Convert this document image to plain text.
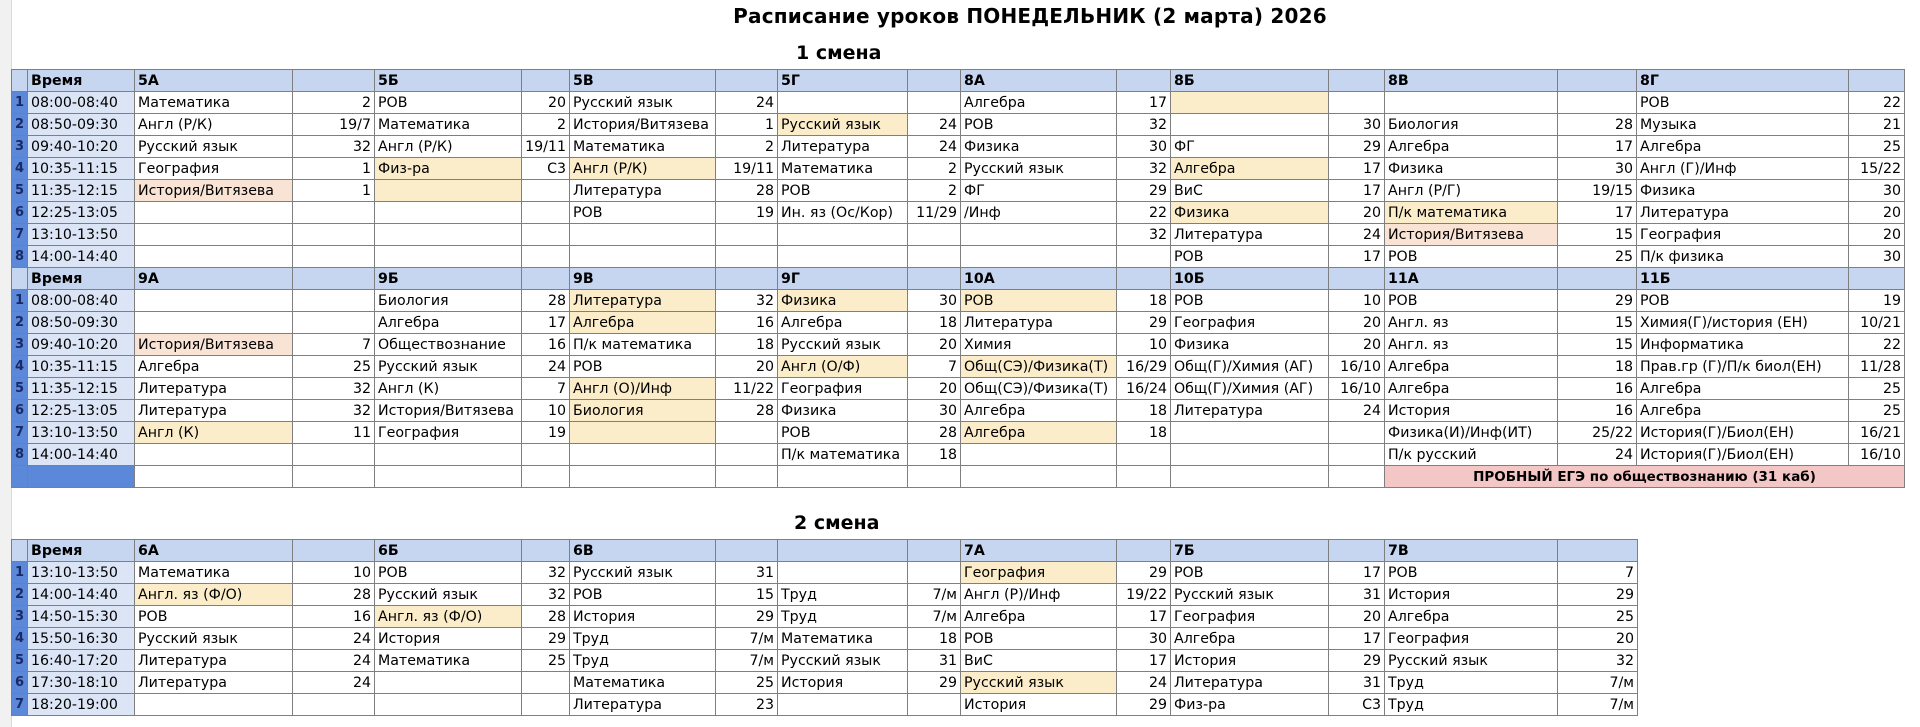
Расписание уроков ПОНЕДЕЛЬНИК (2 марта) 2026
1 смена
2 смена
	Время	5А		5Б		5В		5Г		8А		8Б		8В		8Г	
1	08:00-08:40	Математика	2	РОВ	20	Русский язык	24			Алгебра	17					РОВ	22
2	08:50-09:30	Англ (Р/К)	19/7	Математика	2	История/Витязева	1	Русский язык	24	РОВ	32		30	Биология	28	Музыка	21
3	09:40-10:20	Русский язык	32	Англ (Р/К)	19/11	Математика	2	Литература	24	Физика	30	ФГ	29	Алгебра	17	Алгебра	25
4	10:35-11:15	География	1	Физ-ра	С3	Англ (Р/К)	19/11	Математика	2	Русский язык	32	Алгебра	17	Физика	30	Англ (Г)/Инф	15/22
5	11:35-12:15	История/Витязева	1			Литература	28	РОВ	2	ФГ	29	ВиС	17	Англ (Р/Г)	19/15	Физика	30
6	12:25-13:05					РОВ	19	Ин. яз (Ос/Кор)	11/29	/Инф	22	Физика	20	П/к математика	17	Литература	20
7	13:10-13:50										32	Литература	24	История/Витязева	15	География	20
8	14:00-14:40											РОВ	17	РОВ	25	П/к физика	30
	Время	9А		9Б		9В		9Г		10А		10Б		11А		11Б	
1	08:00-08:40			Биология	28	Литература	32	Физика	30	РОВ	18	РОВ	10	РОВ	29	РОВ	19
2	08:50-09:30			Алгебра	17	Алгебра	16	Алгебра	18	Литература	29	География	20	Англ. яз	15	Химия(Г)/история (ЕН)	10/21
3	09:40-10:20	История/Витязева	7	Обществознание	16	П/к математика	18	Русский язык	20	Химия	10	Физика	20	Англ. яз	15	Информатика	22
4	10:35-11:15	Алгебра	25	Русский язык	24	РОВ	20	Англ (О/Ф)	7	Общ(СЭ)/Физика(Т)	16/29	Общ(Г)/Химия (АГ)	16/10	Алгебра	18	Прав.гр (Г)/П/к биол(ЕН)	11/28
5	11:35-12:15	Литература	32	Англ (К)	7	Англ (О)/Инф	11/22	География	20	Общ(СЭ)/Физика(Т)	16/24	Общ(Г)/Химия (АГ)	16/10	Алгебра	16	Алгебра	25
6	12:25-13:05	Литература	32	История/Витязева	10	Биология	28	Физика	30	Алгебра	18	Литература	24	История	16	Алгебра	25
7	13:10-13:50	Англ (К)	11	География	19			РОВ	28	Алгебра	18			Физика(И)/Инф(ИТ)	25/22	История(Г)/Биол(ЕН)	16/21
8	14:00-14:40							П/к математика	18					П/к русский	24	История(Г)/Биол(ЕН)	16/10
														ПРОБНЫЙ ЕГЭ по обществознанию (31 каб)			
	Время	6А		6Б		6В				7А		7Б		7В	
1	13:10-13:50	Математика	10	РОВ	32	Русский язык	31			География	29	РОВ	17	РОВ	7
2	14:00-14:40	Англ. яз (Ф/О)	28	Русский язык	32	РОВ	15	Труд	7/м	Англ (Р)/Инф	19/22	Русский язык	31	История	29
3	14:50-15:30	РОВ	16	Англ. яз (Ф/О)	28	История	29	Труд	7/м	Алгебра	17	География	20	Алгебра	25
4	15:50-16:30	Русский язык	24	История	29	Труд	7/м	Математика	18	РОВ	30	Алгебра	17	География	20
5	16:40-17:20	Литература	24	Математика	25	Труд	7/м	Русский язык	31	ВиС	17	История	29	Русский язык	32
6	17:30-18:10	Литература	24			Математика	25	История	29	Русский язык	24	Литература	31	Труд	7/м
7	18:20-19:00					Литература	23			История	29	Физ-ра	С3	Труд	7/м
